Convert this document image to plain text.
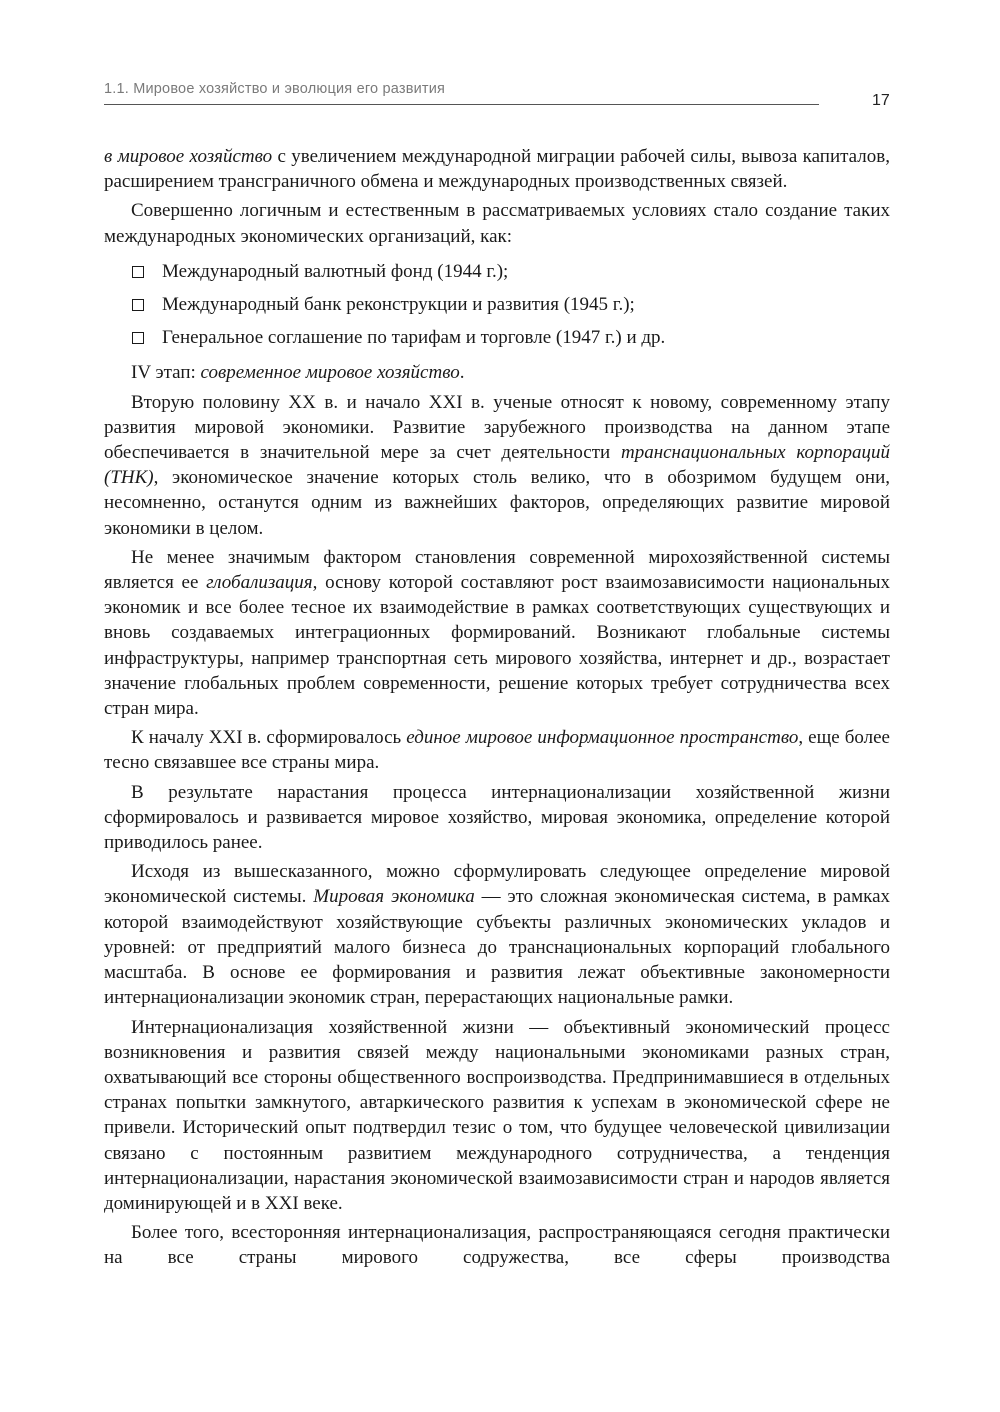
1.1. Мировое хозяйство и эволюция его развития
17

в мировое хозяйство с увеличением международной миграции рабочей силы, вывоза капиталов, расширением трансграничного обмена и международных производственных связей.

Совершенно логичным и естественным в рассматриваемых условиях стало создание таких международных экономических организаций, как:

Международный валютный фонд (1944 г.);
Международный банк реконструкции и развития (1945 г.);
Генеральное соглашение по тарифам и торговле (1947 г.) и др.

IV этап: современное мировое хозяйство.

Вторую половину XX в. и начало XXI в. ученые относят к новому, современному этапу развития мировой экономики. Развитие зарубежного производства на данном этапе обеспечивается в значительной мере за счет деятельности транснациональных корпораций (ТНК), экономическое значение которых столь велико, что в обозримом будущем они, несомненно, останутся одним из важнейших факторов, определяющих развитие мировой экономики в целом.

Не менее значимым фактором становления современной мирохозяйственной системы является ее глобализация, основу которой составляют рост взаимозависимости национальных экономик и все более тесное их взаимодействие в рамках соответствующих существующих и вновь создаваемых интеграционных формирований. Возникают глобальные системы инфраструктуры, например транспортная сеть мирового хозяйства, интернет и др., возрастает значение глобальных проблем современности, решение которых требует сотрудничества всех стран мира.

К началу XXI в. сформировалось единое мировое информационное пространство, еще более тесно связавшее все страны мира.

В результате нарастания процесса интернационализации хозяйственной жизни сформировалось и развивается мировое хозяйство, мировая экономика, определение которой приводилось ранее.

Исходя из вышесказанного, можно сформулировать следующее определение мировой экономической системы. Мировая экономика — это сложная экономическая система, в рамках которой взаимодействуют хозяйствующие субъекты различных экономических укладов и уровней: от предприятий малого бизнеса до транснациональных корпораций глобального масштаба. В основе ее формирования и развития лежат объективные закономерности интернационализации экономик стран, перерастающих национальные рамки.

Интернационализация хозяйственной жизни — объективный экономический процесс возникновения и развития связей между национальными экономиками разных стран, охватывающий все стороны общественного воспроизводства. Предпринимавшиеся в отдельных странах попытки замкнутого, автаркического развития к успехам в экономической сфере не привели. Исторический опыт подтвердил тезис о том, что будущее человеческой цивилизации связано с постоянным развитием международного сотрудничества, а тенденция интернационализации, нарастания экономической взаимозависимости стран и народов является доминирующей и в XXI веке.

Более того, всесторонняя интернационализация, распространяющаяся сегодня практически на все страны мирового содружества, все сферы производства
